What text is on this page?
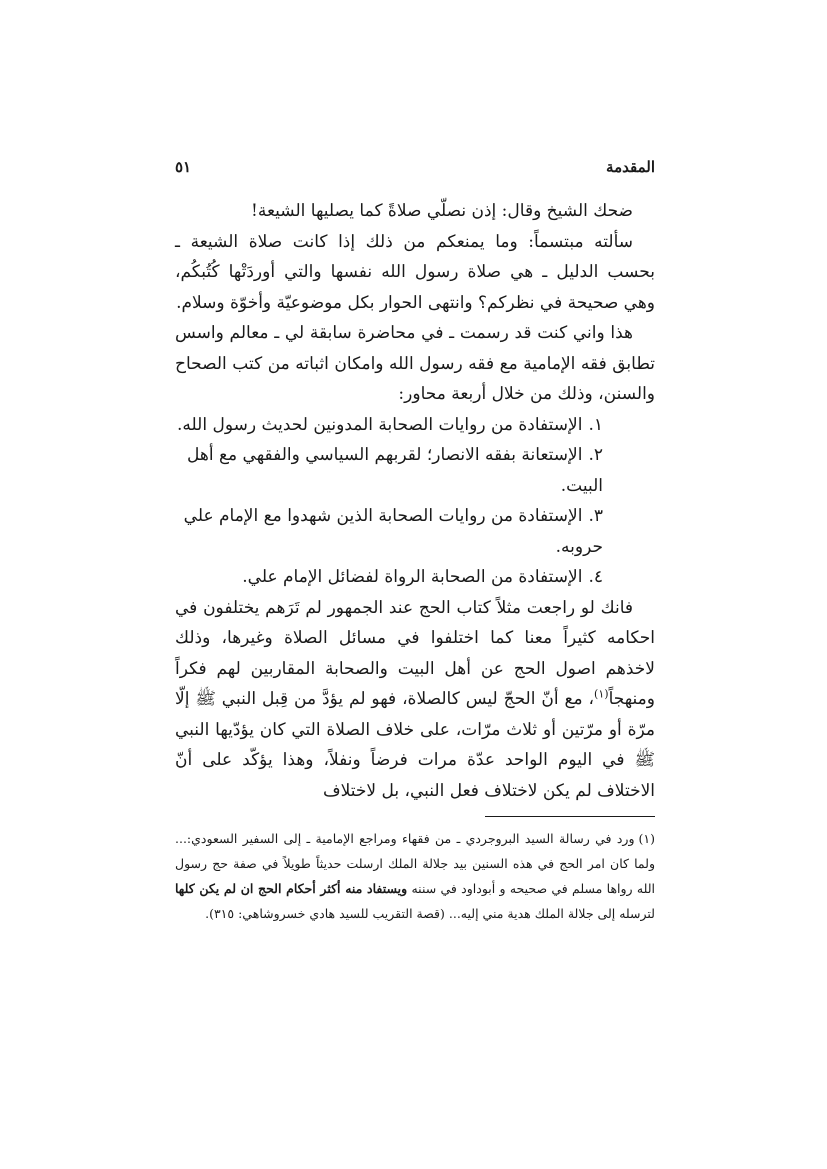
المقدمة
٥١

ضحك الشيخ وقال: إذن نصلّي صلاةً كما يصليها الشيعة!

سألته مبتسماً: وما يمنعكم من ذلك إذا كانت صلاة الشيعة ـ بحسب الدليل ـ هي صلاة رسول الله نفسها والتي أوردَتْها كُتُبكُم، وهي صحيحة في نظركم؟ وانتهى الحوار بكل موضوعيّة وأخوّة وسلام.

هذا واني كنت قد رسمت ـ في محاضرة سابقة لي ـ معالم واسس تطابق فقه الإمامية مع فقه رسول الله وامكان اثباته من كتب الصحاح والسنن، وذلك من خلال أربعة محاور:

١.الإستفادة من روايات الصحابة المدونين لحديث رسول الله.
٢.الإستعانة بفقه الانصار؛ لقربهم السياسي والفقهي مع أهل البيت.
٣.الإستفادة من روايات الصحابة الذين شهدوا مع الإمام علي حروبه.
٤.الإستفادة من الصحابة الرواة لفضائل الإمام علي.

فانك لو راجعت مثلاً كتاب الحج عند الجمهور لم تَرَهم يختلفون في احكامه كثيراً معنا كما اختلفوا في مسائل الصلاة وغيرها، وذلك لاخذهم اصول الحج عن أهل البيت والصحابة المقاربين لهم فكراً ومنهجاً$^{(١)}$، مع أنّ الحجّ ليس كالصلاة، فهو لم يؤدَّ من قِبل النبي ﷺ إلّا مرّة أو مرّتين أو ثلاث مرّات، على خلاف الصلاة التي كان يؤدّيها النبي ﷺ في اليوم الواحد عدّة مرات فرضاً ونفلاً، وهذا يؤكّد على أنّ الاختلاف لم يكن لاختلاف فعل النبي، بل لاختلاف

(١)ورد في رسالة السيد البروجردي ـ من فقهاء ومراجع الإمامية ـ إلى السفير السعودي:... ولما كان امر الحج في هذه السنين بيد جلالة الملك ارسلت حديثاً طويلاً في صفة حج رسول الله رواها مسلم في صحيحه و أبوداود في سننه ويستفاد منه أكثر أحكام الحج ان لم يكن كلها لترسله إلى جلالة الملك هدية مني إليه... (قصة التقريب للسيد هادي خسروشاهي: ٣١٥).
